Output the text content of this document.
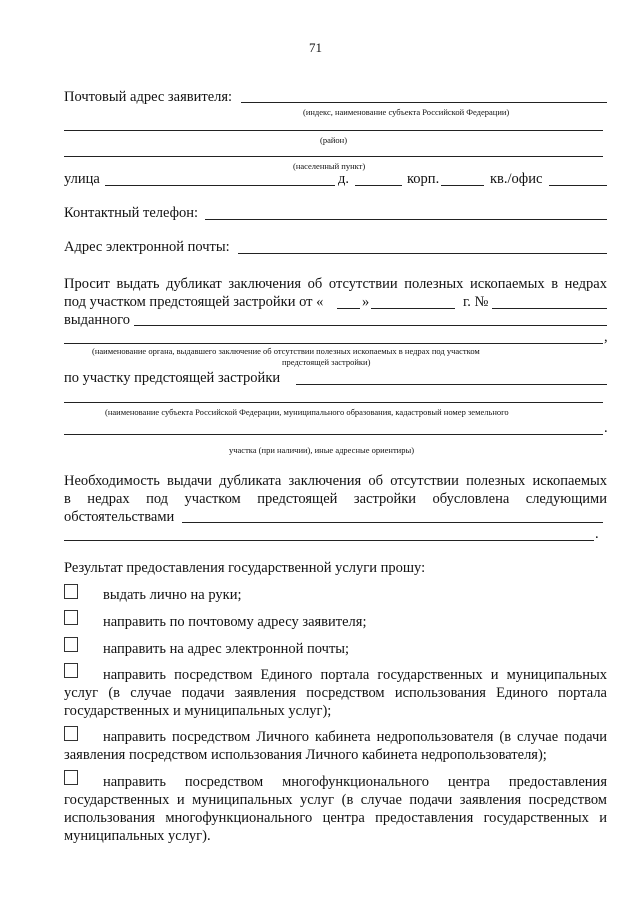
71
Почтовый адрес заявителя:
(индекс, наименование субъекта Российской Федерации)
(район)
(населенный пункт)
улица	д.	корп.	кв./офис
Контактный телефон:
Адрес электронной почты:
Просит выдать дубликат заключения об отсутствии полезных ископаемых в недрах
под участком предстоящей застройки от «	»	г. №
выданного
,
(наименование органа, выдавшего заключение об отсутствии полезных ископаемых в недрах под участком
предстоящей застройки)
по участку предстоящей застройки
(наименование субъекта Российской Федерации, муниципального образования, кадастровый номер земельного
.
участка (при наличии), иные адресные ориентиры)
Необходимость выдачи дубликата заключения об отсутствии полезных ископаемых
в недрах под участком предстоящей застройки обусловлена следующими
обстоятельствами
.
Результат предоставления государственной услуги прошу:
выдать лично на руки;
направить по почтовому адресу заявителя;
направить на адрес электронной почты;
направить посредством Единого портала государственных и муниципальных
услуг (в случае подачи заявления посредством использования Единого портала
государственных и муниципальных услуг);
направить посредством Личного кабинета недропользователя (в случае подачи
заявления посредством использования Личного кабинета недропользователя);
направить посредством многофункционального центра предоставления
государственных и муниципальных услуг (в случае подачи заявления посредством
использования многофункционального центра предоставления государственных и
муниципальных услуг).
